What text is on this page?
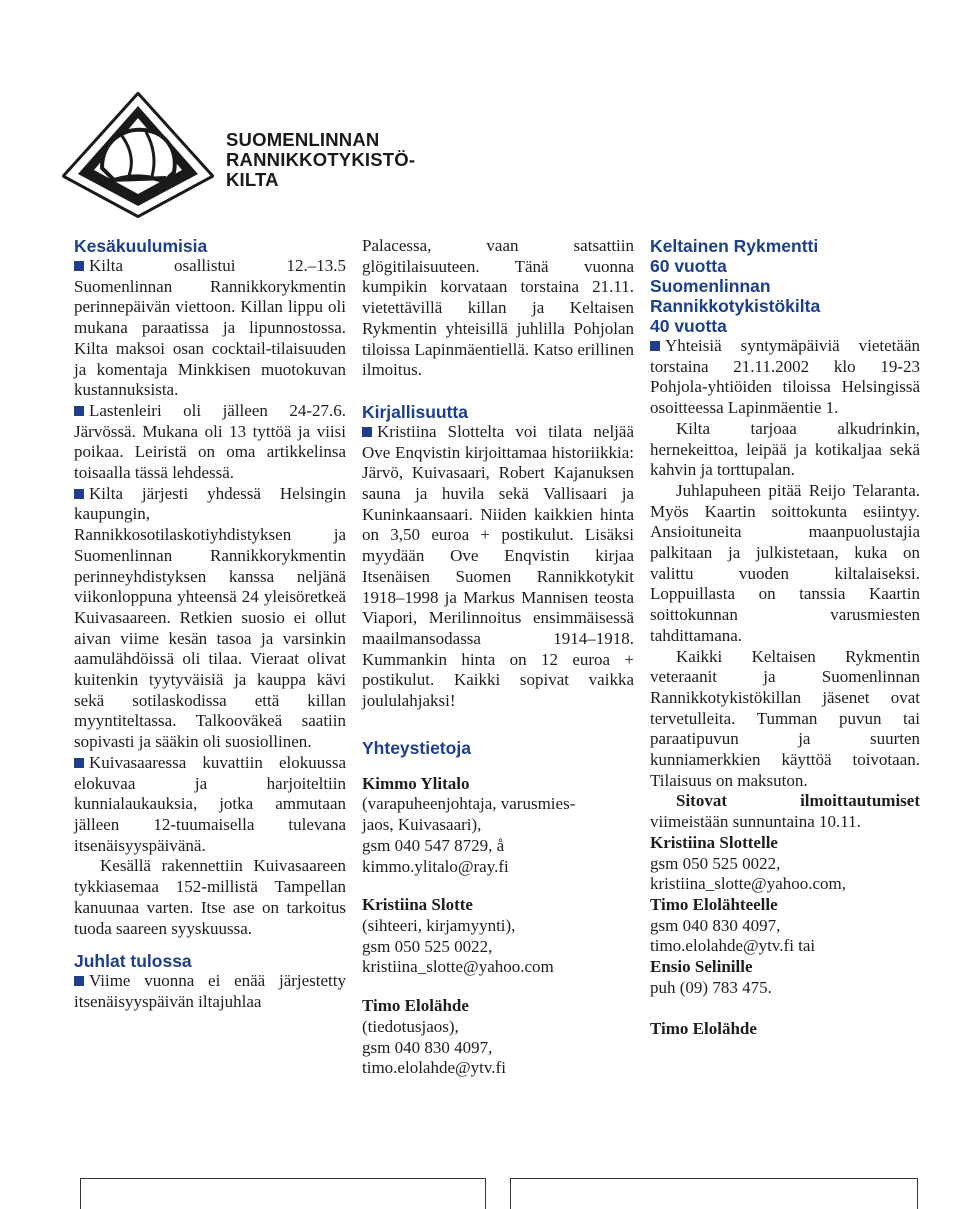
SUOMENLINNAN
RANNIKKOTYKISTÖ-
KILTA
Kesäkuulumisia

Kilta osallistui 12.–13.5 Suomenlinnan Rannikkorykmentin perinnepäivän viettoon. Killan lippu oli mukana paraatissa ja lipunnostossa. Kilta maksoi osan cocktail-tilaisuuden ja komentaja Minkkisen muotokuvan kustannuksista.

Lastenleiri oli jälleen 24-27.6. Järvössä. Mukana oli 13 tyttöä ja viisi poikaa. Leiristä on oma artikkelinsa toisaalla tässä lehdessä.

Kilta järjesti yhdessä Helsingin kaupungin, Rannikkosotilaskotiyhdistyksen ja Suomenlinnan Rannikkorykmentin perinneyhdistyksen kanssa neljänä viikonloppuna yhteensä 24 yleisöretkeä Kuivasaareen. Retkien suosio ei ollut aivan viime kesän tasoa ja varsinkin aamulähdöissä oli tilaa. Vieraat olivat kuitenkin tyytyväisiä ja kauppa kävi sekä sotilaskodissa että killan myyntiteltassa. Talkooväkeä saatiin sopivasti ja sääkin oli suosiollinen.

Kuivasaaressa kuvattiin elokuussa elokuvaa ja harjoiteltiin kunnialaukauksia, jotka ammutaan jälleen 12-tuumaisella tulevana itsenäisyyspäivänä.

Kesällä rakennettiin Kuivasaareen tykkiasemaa 152-millistä Tampellan kanuunaa varten. Itse ase on tarkoitus tuoda saareen syyskuussa.

Juhlat tulossa

Viime vuonna ei enää järjestetty itsenäisyyspäivän iltajuhlaa

Palacessa, vaan satsattiin glögitilaisuuteen. Tänä vuonna kumpikin korvataan torstaina 21.11. vietettävillä killan ja Keltaisen Rykmentin yhteisillä juhlilla Pohjolan tiloissa Lapinmäentiellä. Katso erillinen ilmoitus.

Kirjallisuutta

Kristiina Slottelta voi tilata neljää Ove Enqvistin kirjoittamaa historiikkia: Järvö, Kuivasaari, Robert Kajanuksen sauna ja huvila sekä Vallisaari ja Kuninkaansaari. Niiden kaikkien hinta on 3,50 euroa + postikulut. Lisäksi myydään Ove Enqvistin kirjaa Itsenäisen Suomen Rannikkotykit 1918–1998 ja Markus Mannisen teosta Viapori, Merilinnoitus ensimmäisessä maailmansodassa 1914–1918. Kummankin hinta on 12 euroa + postikulut. Kaikki sopivat vaikka joululahjaksi!

Yhteystietoja
Kimmo Ylitalo
(varapuheenjohtaja, varusmies-
jaos, Kuivasaari),
gsm 040 547 8729, å
kimmo.ylitalo@ray.fi
Kristiina Slotte
(sihteeri, kirjamyynti),
gsm 050 525 0022,
kristiina_slotte@yahoo.com
Timo Elolähde
(tiedotusjaos),
gsm 040 830 4097,
timo.elolahde@ytv.fi
Keltainen Rykmentti
60 vuotta
Suomenlinnan
Rannikkotykistökilta
40 vuotta

Yhteisiä syntymäpäiviä vietetään torstaina 21.11.2002 klo 19-23 Pohjola-yhtiöiden tiloissa Helsingissä osoitteessa Lapinmäentie 1.

Kilta tarjoaa alkudrinkin, hernekeittoa, leipää ja kotikaljaa sekä kahvin ja torttupalan.

Juhlapuheen pitää Reijo Telaranta. Myös Kaartin soittokunta esiintyy. Ansioituneita maanpuolustajia palkitaan ja julkistetaan, kuka on valittu vuoden kiltalaiseksi. Loppuillasta on tanssia Kaartin soittokunnan varusmiesten tahdittamana.

Kaikki Keltaisen Rykmentin veteraanit ja Suomenlinnan Rannikkotykistökillan jäsenet ovat tervetulleita. Tumman puvun tai paraatipuvun ja suurten kunniamerkkien käyttöä toivotaan. Tilaisuus on maksuton.

Sitovat ilmoittautumiset viimeistään sunnuntaina 10.11.

Kristiina Slottelle
gsm 050 525 0022,
kristiina_slotte@yahoo.com,
Timo Elolähteelle
gsm 040 830 4097,
timo.elolahde@ytv.fi tai
Ensio Selinille
puh (09) 783 475.
Timo Elolähde
